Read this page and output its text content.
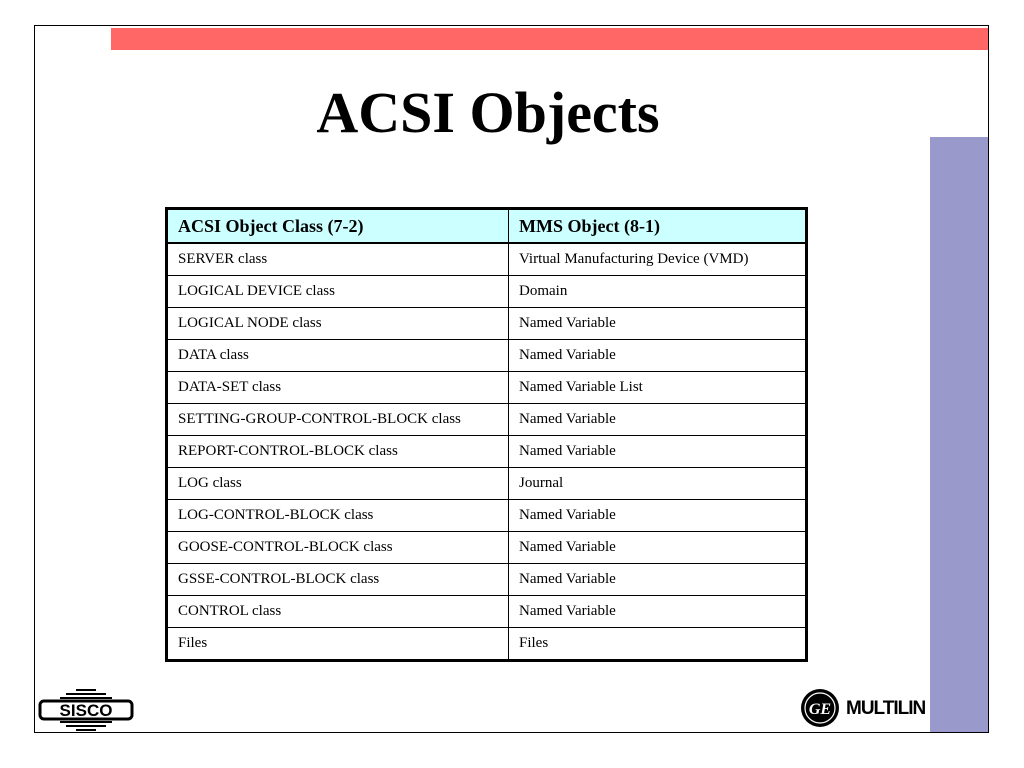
ACSI Objects
ACSI Object Class (7-2)	MMS Object (8-1)
SERVER class	Virtual Manufacturing Device (VMD)
LOGICAL DEVICE class	Domain
LOGICAL NODE class	Named Variable
DATA class	Named Variable
DATA-SET class	Named Variable List
SETTING-GROUP-CONTROL-BLOCK class	Named Variable
REPORT-CONTROL-BLOCK class	Named Variable
LOG class	Journal
LOG-CONTROL-BLOCK class	Named Variable
GOOSE-CONTROL-BLOCK class	Named Variable
GSSE-CONTROL-BLOCK class	Named Variable
CONTROL class	Named Variable
Files	Files
SISCO	GE MULTILIN
